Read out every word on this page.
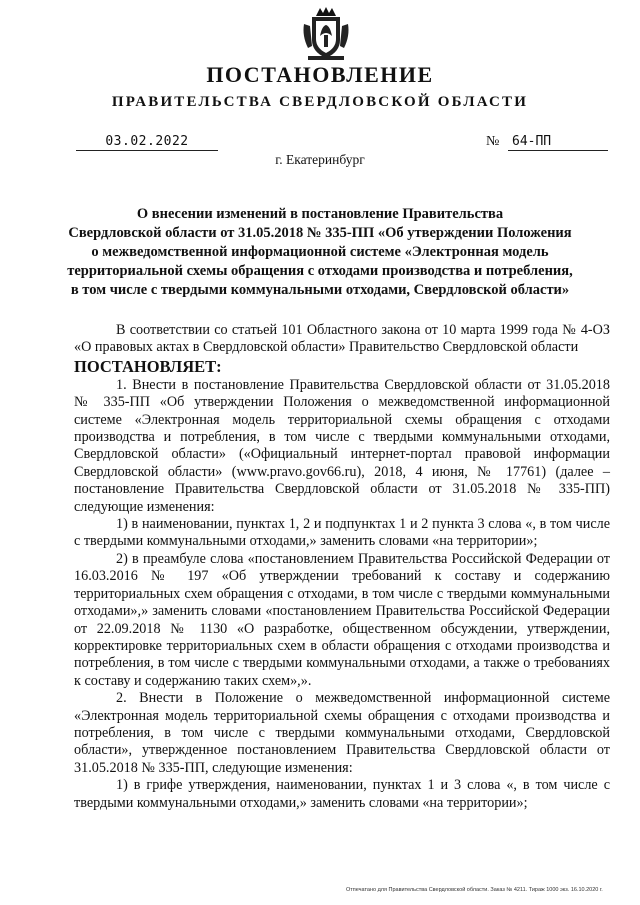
ПОСТАНОВЛЕНИЕ
ПРАВИТЕЛЬСТВА СВЕРДЛОВСКОЙ ОБЛАСТИ
03.02.2022	№ 64-ПП
г. Екатеринбург
О внесении изменений в постановление Правительства
Свердловской области от 31.05.2018 № 335-ПП «Об утверждении Положения
о межведомственной информационной системе «Электронная модель
территориальной схемы обращения с отходами производства и потребления,
в том числе с твердыми коммунальными отходами, Свердловской области»

В соответствии со статьей 101 Областного закона от 10 марта 1999 года № 4-ОЗ «О правовых актах в Свердловской области» Правительство Свердловской области

ПОСТАНОВЛЯЕТ:

1. Внести в постановление Правительства Свердловской области от 31.05.2018 № 335-ПП «Об утверждении Положения о межведомственной информационной системе «Электронная модель территориальной схемы обращения с отходами производства и потребления, в том числе с твердыми коммунальными отходами, Свердловской области» («Официальный интернет-портал правовой информации Свердловской области» (www.pravo.gov66.ru), 2018, 4 июня, № 17761) (далее – постановление Правительства Свердловской области от 31.05.2018 № 335-ПП) следующие изменения:

1) в наименовании, пунктах 1, 2 и подпунктах 1 и 2 пункта 3 слова «, в том числе с твердыми коммунальными отходами,» заменить словами «на территории»;

2) в преамбуле слова «постановлением Правительства Российской Федерации от 16.03.2016 № 197 «Об утверждении требований к составу и содержанию территориальных схем обращения с отходами, в том числе с твердыми коммунальными отходами»,» заменить словами «постановлением Правительства Российской Федерации от 22.09.2018 № 1130 «О разработке, общественном обсуждении, утверждении, корректировке территориальных схем в области обращения с отходами производства и потребления, в том числе с твердыми коммунальными отходами, а также о требованиях к составу и содержанию таких схем»,».

2. Внести в Положение о межведомственной информационной системе «Электронная модель территориальной схемы обращения с отходами производства и потребления, в том числе с твердыми коммунальными отходами, Свердловской области», утвержденное постановлением Правительства Свердловской области от 31.05.2018 № 335-ПП, следующие изменения:

1) в грифе утверждения, наименовании, пунктах 1 и 3 слова «, в том числе с твердыми коммунальными отходами,» заменить словами «на территории»;

Отпечатано для Правительства Свердловской области. Заказ № 4211. Тираж 1000 экз. 16.10.2020 г.
